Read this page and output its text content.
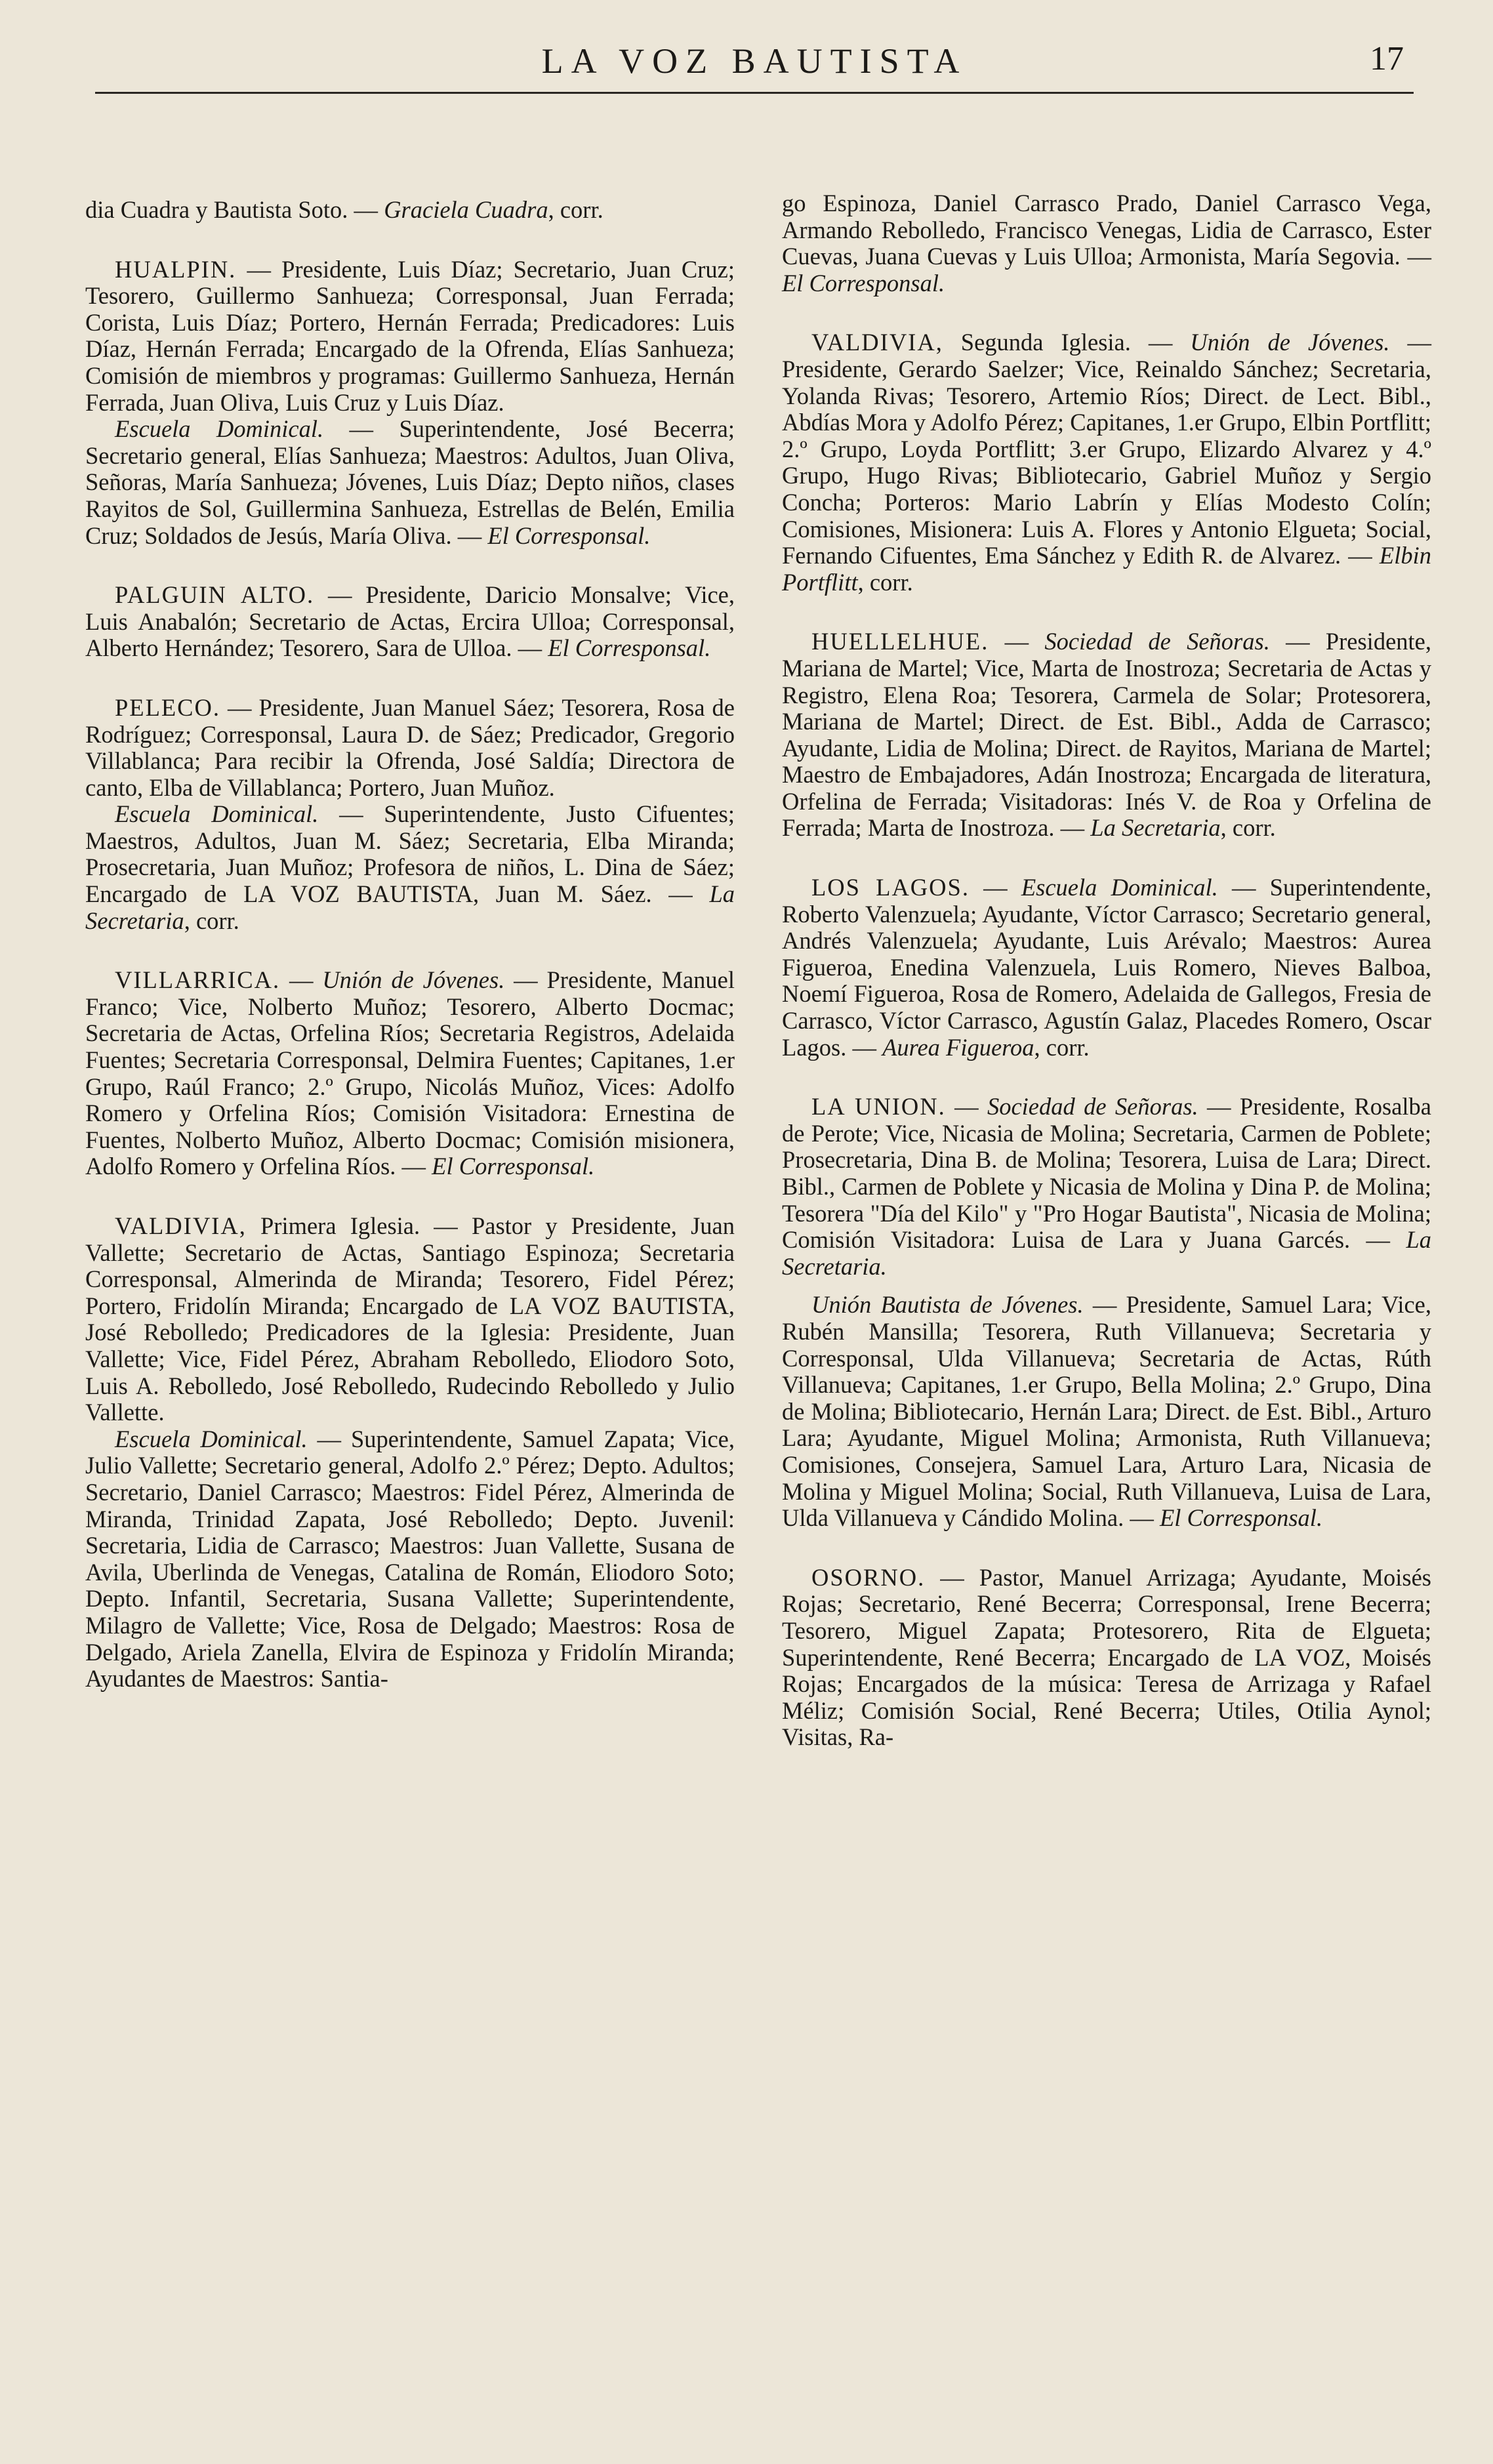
LA VOZ BAUTISTA	17

dia Cuadra y Bautista Soto. — Graciela Cuadra, corr.

HUALPIN. — Presidente, Luis Díaz; Secretario, Juan Cruz; Tesorero, Guillermo Sanhueza; Corresponsal, Juan Ferrada; Corista, Luis Díaz; Portero, Hernán Ferrada; Predicadores: Luis Díaz, Hernán Ferrada; Encargado de la Ofrenda, Elías Sanhueza; Comisión de miembros y programas: Guillermo Sanhueza, Hernán Ferrada, Juan Oliva, Luis Cruz y Luis Díaz.

Escuela Dominical. — Superintendente, José Becerra; Secretario general, Elías Sanhueza; Maestros: Adultos, Juan Oliva, Señoras, María Sanhueza; Jóvenes, Luis Díaz; Depto niños, clases Rayitos de Sol, Guillermina Sanhueza, Estrellas de Belén, Emilia Cruz; Soldados de Jesús, María Oliva. — El Corresponsal.

PALGUIN ALTO. — Presidente, Daricio Monsalve; Vice, Luis Anabalón; Secretario de Actas, Ercira Ulloa; Corresponsal, Alberto Hernández; Tesorero, Sara de Ulloa. — El Corresponsal.

PELECO. — Presidente, Juan Manuel Sáez; Tesorera, Rosa de Rodríguez; Corresponsal, Laura D. de Sáez; Predicador, Gregorio Villablanca; Para recibir la Ofrenda, José Saldía; Directora de canto, Elba de Villablanca; Portero, Juan Muñoz.

Escuela Dominical. — Superintendente, Justo Cifuentes; Maestros, Adultos, Juan M. Sáez; Secretaria, Elba Miranda; Prosecretaria, Juan Muñoz; Profesora de niños, L. Dina de Sáez; Encargado de LA VOZ BAUTISTA, Juan M. Sáez. — La Secretaria, corr.

VILLARRICA. — Unión de Jóvenes. — Presidente, Manuel Franco; Vice, Nolberto Muñoz; Tesorero, Alberto Docmac; Secretaria de Actas, Orfelina Ríos; Secretaria Registros, Adelaida Fuentes; Secretaria Corresponsal, Delmira Fuentes; Capitanes, 1.er Grupo, Raúl Franco; 2.º Grupo, Nicolás Muñoz, Vices: Adolfo Romero y Orfelina Ríos; Comisión Visitadora: Ernestina de Fuentes, Nolberto Muñoz, Alberto Docmac; Comisión misionera, Adolfo Romero y Orfelina Ríos. — El Corresponsal.

VALDIVIA, Primera Iglesia. — Pastor y Presidente, Juan Vallette; Secretario de Actas, Santiago Espinoza; Secretaria Corresponsal, Almerinda de Miranda; Tesorero, Fidel Pérez; Portero, Fridolín Miranda; Encargado de LA VOZ BAUTISTA, José Rebolledo; Predicadores de la Iglesia: Presidente, Juan Vallette; Vice, Fidel Pérez, Abraham Rebolledo, Eliodoro Soto, Luis A. Rebolledo, José Rebolledo, Rudecindo Rebolledo y Julio Vallette.

Escuela Dominical. — Superintendente, Samuel Zapata; Vice, Julio Vallette; Secretario general, Adolfo 2.º Pérez; Depto. Adultos; Secretario, Daniel Carrasco; Maestros: Fidel Pérez, Almerinda de Miranda, Trinidad Zapata, José Rebolledo; Depto. Juvenil: Secretaria, Lidia de Carrasco; Maestros: Juan Vallette, Susana de Avila, Uberlinda de Venegas, Catalina de Román, Eliodoro Soto; Depto. Infantil, Secretaria, Susana Vallette; Superintendente, Milagro de Vallette; Vice, Rosa de Delgado; Maestros: Rosa de Delgado, Ariela Zanella, Elvira de Espinoza y Fridolín Miranda; Ayudantes de Maestros: Santia-

go Espinoza, Daniel Carrasco Prado, Daniel Carrasco Vega, Armando Rebolledo, Francisco Venegas, Lidia de Carrasco, Ester Cuevas, Juana Cuevas y Luis Ulloa; Armonista, María Segovia. — El Corresponsal.

VALDIVIA, Segunda Iglesia. — Unión de Jóvenes. — Presidente, Gerardo Saelzer; Vice, Reinaldo Sánchez; Secretaria, Yolanda Rivas; Tesorero, Artemio Ríos; Direct. de Lect. Bibl., Abdías Mora y Adolfo Pérez; Capitanes, 1.er Grupo, Elbin Portflitt; 2.º Grupo, Loyda Portflitt; 3.er Grupo, Elizardo Alvarez y 4.º Grupo, Hugo Rivas; Bibliotecario, Gabriel Muñoz y Sergio Concha; Porteros: Mario Labrín y Elías Modesto Colín; Comisiones, Misionera: Luis A. Flores y Antonio Elgueta; Social, Fernando Cifuentes, Ema Sánchez y Edith R. de Alvarez. — Elbin Portflitt, corr.

HUELLELHUE. — Sociedad de Señoras. — Presidente, Mariana de Martel; Vice, Marta de Inostroza; Secretaria de Actas y Registro, Elena Roa; Tesorera, Carmela de Solar; Protesorera, Mariana de Martel; Direct. de Est. Bibl., Adda de Carrasco; Ayudante, Lidia de Molina; Direct. de Rayitos, Mariana de Martel; Maestro de Embajadores, Adán Inostroza; Encargada de literatura, Orfelina de Ferrada; Visitadoras: Inés V. de Roa y Orfelina de Ferrada; Marta de Inostroza. — La Secretaria, corr.

LOS LAGOS. — Escuela Dominical. — Superintendente, Roberto Valenzuela; Ayudante, Víctor Carrasco; Secretario general, Andrés Valenzuela; Ayudante, Luis Arévalo; Maestros: Aurea Figueroa, Enedina Valenzuela, Luis Romero, Nieves Balboa, Noemí Figueroa, Rosa de Romero, Adelaida de Gallegos, Fresia de Carrasco, Víctor Carrasco, Agustín Galaz, Placedes Romero, Oscar Lagos. — Aurea Figueroa, corr.

LA UNION. — Sociedad de Señoras. — Presidente, Rosalba de Perote; Vice, Nicasia de Molina; Secretaria, Carmen de Poblete; Prosecretaria, Dina B. de Molina; Tesorera, Luisa de Lara; Direct. Bibl., Carmen de Poblete y Nicasia de Molina y Dina P. de Molina; Tesorera "Día del Kilo" y "Pro Hogar Bautista", Nicasia de Molina; Comisión Visitadora: Luisa de Lara y Juana Garcés. — La Secretaria.

Unión Bautista de Jóvenes. — Presidente, Samuel Lara; Vice, Rubén Mansilla; Tesorera, Ruth Villanueva; Secretaria y Corresponsal, Ulda Villanueva; Secretaria de Actas, Rúth Villanueva; Capitanes, 1.er Grupo, Bella Molina; 2.º Grupo, Dina de Molina; Bibliotecario, Hernán Lara; Direct. de Est. Bibl., Arturo Lara; Ayudante, Miguel Molina; Armonista, Ruth Villanueva; Comisiones, Consejera, Samuel Lara, Arturo Lara, Nicasia de Molina y Miguel Molina; Social, Ruth Villanueva, Luisa de Lara, Ulda Villanueva y Cándido Molina. — El Corresponsal.

OSORNO. — Pastor, Manuel Arrizaga; Ayudante, Moisés Rojas; Secretario, René Becerra; Corresponsal, Irene Becerra; Tesorero, Miguel Zapata; Protesorero, Rita de Elgueta; Superintendente, René Becerra; Encargado de LA VOZ, Moisés Rojas; Encargados de la música: Teresa de Arrizaga y Rafael Méliz; Comisión Social, René Becerra; Utiles, Otilia Aynol; Visitas, Ra-
